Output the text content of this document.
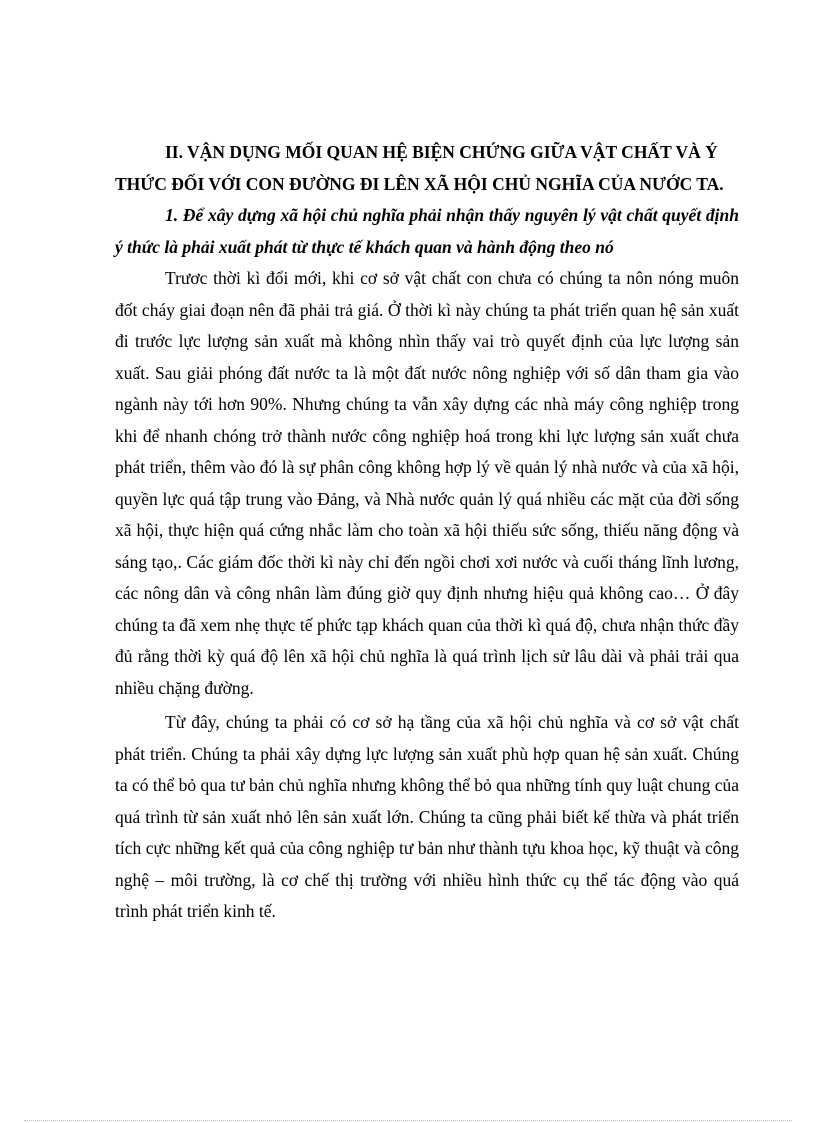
II. VẬN DỤNG MỐI QUAN HỆ BIỆN CHỨNG GIỮA VẬT CHẤT VÀ Ý THỨC ĐỐI VỚI CON ĐƯỜNG ĐI LÊN XÃ HỘI CHỦ NGHĨA CỦA NƯỚC TA.

1. Để xây dựng xã hội chủ nghĩa phải nhận thấy nguyên lý vật chất quyết định ý thức là phải xuất phát từ thực tế khách quan và hành động theo nó

Trươc thời kì đổi mới, khi cơ sở vật chất con chưa có chúng ta nôn nóng muôn đốt cháy giai đoạn nên đã phải trả giá. Ở thời kì này chúng ta phát triển quan hệ sản xuất đi trước lực lượng sản xuất mà không nhìn thấy vai trò quyết định của lực lượng sản xuất. Sau giải phóng đất nước ta là một đất nước nông nghiệp với số dân tham gia vào ngành này tới hơn 90%. Nhưng chúng ta vẫn xây dựng các nhà máy công nghiệp trong khi để nhanh chóng trở thành nước công nghiệp hoá trong khi lực lượng sản xuất chưa phát triển, thêm vào đó là sự phân công không hợp lý về quản lý nhà nước và của xã hội, quyền lực quá tập trung vào Đảng, và Nhà nước quản lý quá nhiều các mặt của đời sống xã hội, thực hiện quá cứng nhắc làm cho toàn xã hội thiếu sức sống, thiếu năng động và sáng tạo,. Các giám đốc thời kì này chỉ đến ngồi chơi xơi nước và cuối tháng lĩnh lương, các nông dân và công nhân làm đúng giờ quy định nhưng hiệu quả không cao… Ở đây chúng ta đã xem nhẹ thực tế phức tạp khách quan của thời kì quá độ, chưa nhận thức đầy đủ rằng thời kỳ quá độ lên xã hội chủ nghĩa là quá trình lịch sử lâu dài và phải trải qua nhiều chặng đường.

Từ đây, chúng ta phải có cơ sở hạ tầng của xã hội chủ nghĩa và cơ sở vật chất phát triển. Chúng ta phải xây dựng lực lượng sản xuất phù hợp quan hệ sản xuất. Chúng ta có thể bỏ qua tư bản chủ nghĩa nhưng không thể bỏ qua những tính quy luật chung của quá trình từ sản xuất nhỏ lên sản xuất lớn. Chúng ta cũng phải biết kế thừa và phát triển tích cực những kết quả của công nghiệp tư bản như thành tựu khoa học, kỹ thuật và công nghệ – môi trường, là cơ chế thị trường với nhiều hình thức cụ thể tác động vào quá trình phát triển kinh tế.
